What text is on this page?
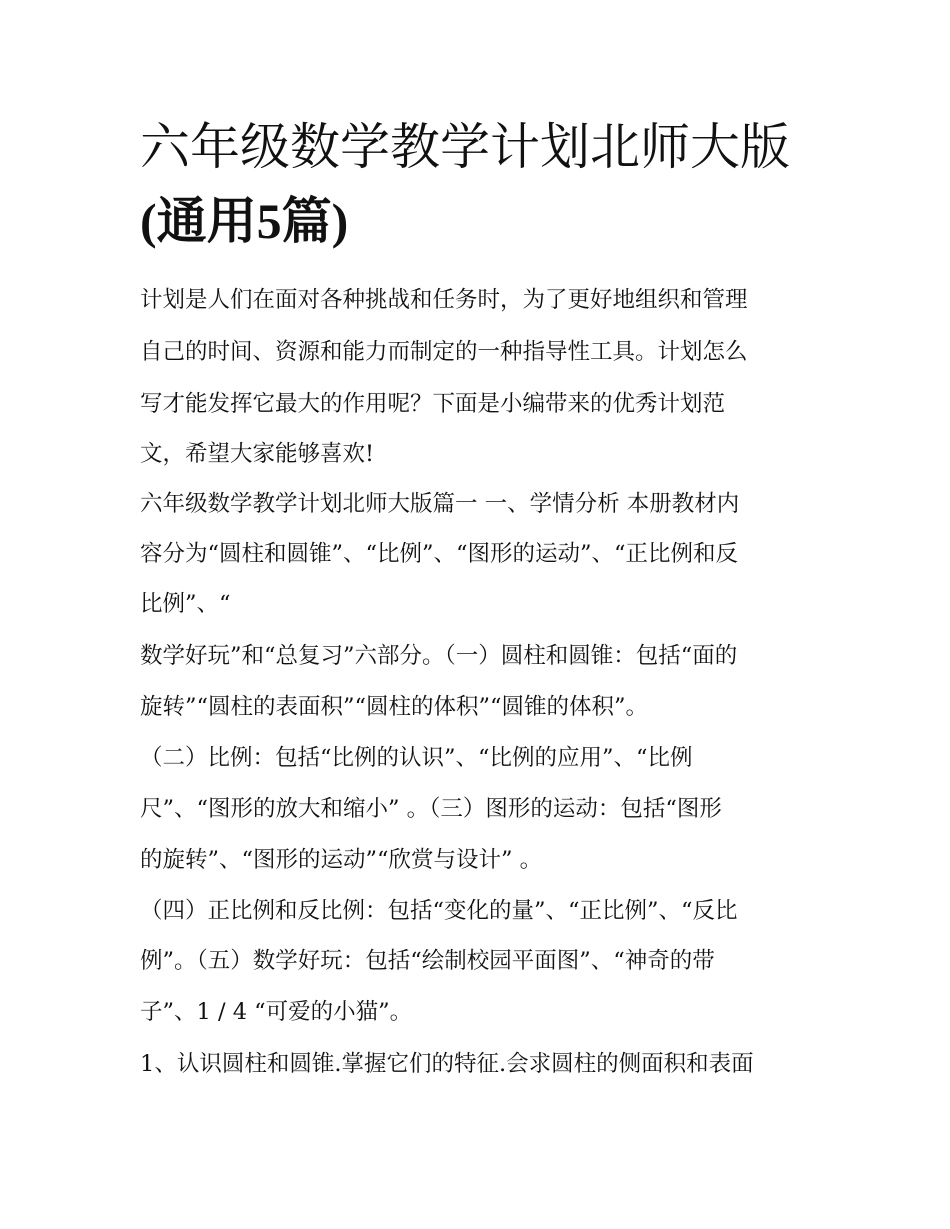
六年级数学教学计划北师大版
(通用5篇)

计划是人们在面对各种挑战和任务时，为了更好地组织和管理

自己的时间、资源和能力而制定的一种指导性工具。计划怎么

写才能发挥它最大的作用呢？下面是小编带来的优秀计划范

文，希望大家能够喜欢!

六年级数学教学计划北师大版篇一 一、学情分析 本册教材内

容分为“圆柱和圆锥”、“比例”、“图形的运动”、“正比例和反

比例”、“

数学好玩”和“总复习”六部分。（一）圆柱和圆锥：包括“面的

旋转”“圆柱的表面积”“圆柱的体积”“圆锥的体积”。

（二）比例：包括“比例的认识”、“比例的应用”、“比例

尺”、“图形的放大和缩小” 。（三）图形的运动：包括“图形

的旋转”、“图形的运动”“欣赏与设计” 。

（四）正比例和反比例：包括“变化的量”、“正比例”、“反比

例”。（五）数学好玩：包括“绘制校园平面图”、“神奇的带

子”、1 / 4 “可爱的小猫”。

1、认识圆柱和圆锥.掌握它们的特征.会求圆柱的侧面积和表面
